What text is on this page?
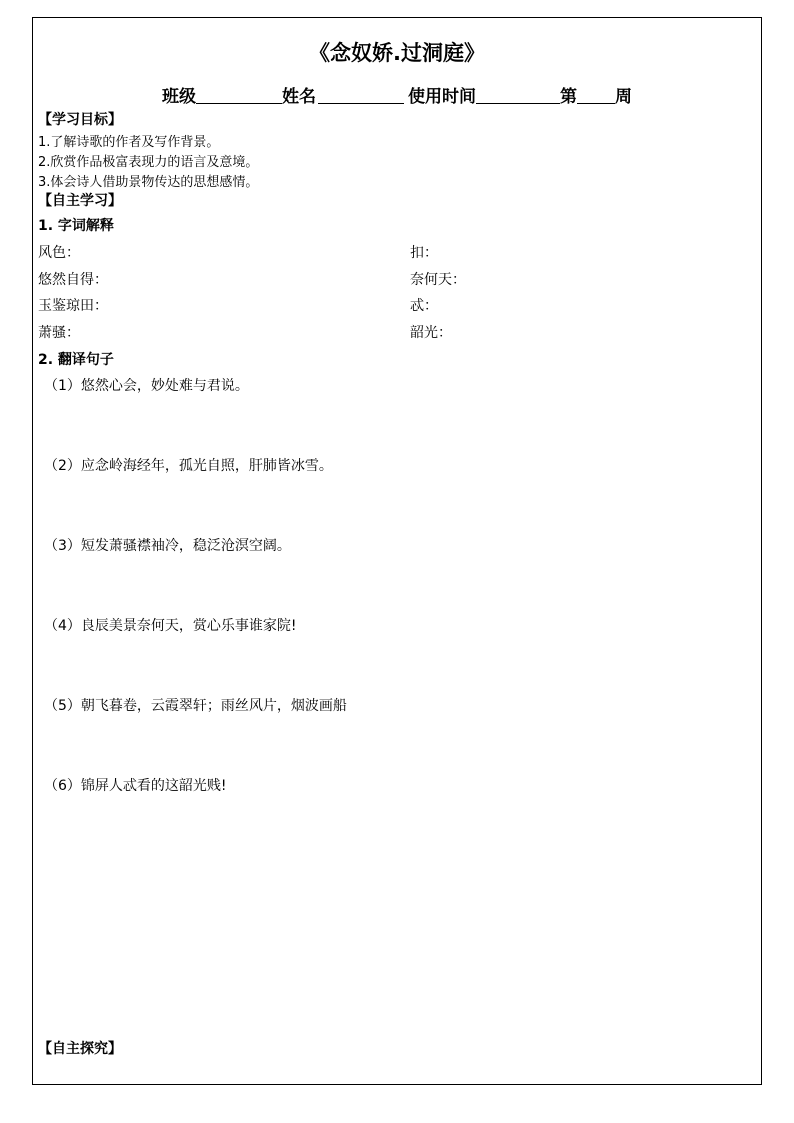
《念奴娇.过洞庭》
班级	姓名	使用时间	第 周
【学习目标】
1.了解诗歌的作者及写作背景。
2.欣赏作品极富表现力的语言及意境。
3.体会诗人借助景物传达的思想感情。
【自主学习】
1. 字词解释
风色：	扣：
悠然自得：	奈何天：
玉鉴琼田：	忒：
萧骚：	韶光：
2. 翻译句子
（1）悠然心会，妙处难与君说。
（2）应念岭海经年，孤光自照，肝肺皆冰雪。
（3）短发萧骚襟袖冷，稳泛沧溟空阔。
（4）良辰美景奈何天，赏心乐事谁家院!
（5）朝飞暮卷，云霞翠轩；雨丝风片，烟波画船
（6）锦屏人忒看的这韶光贱!
【自主探究】
